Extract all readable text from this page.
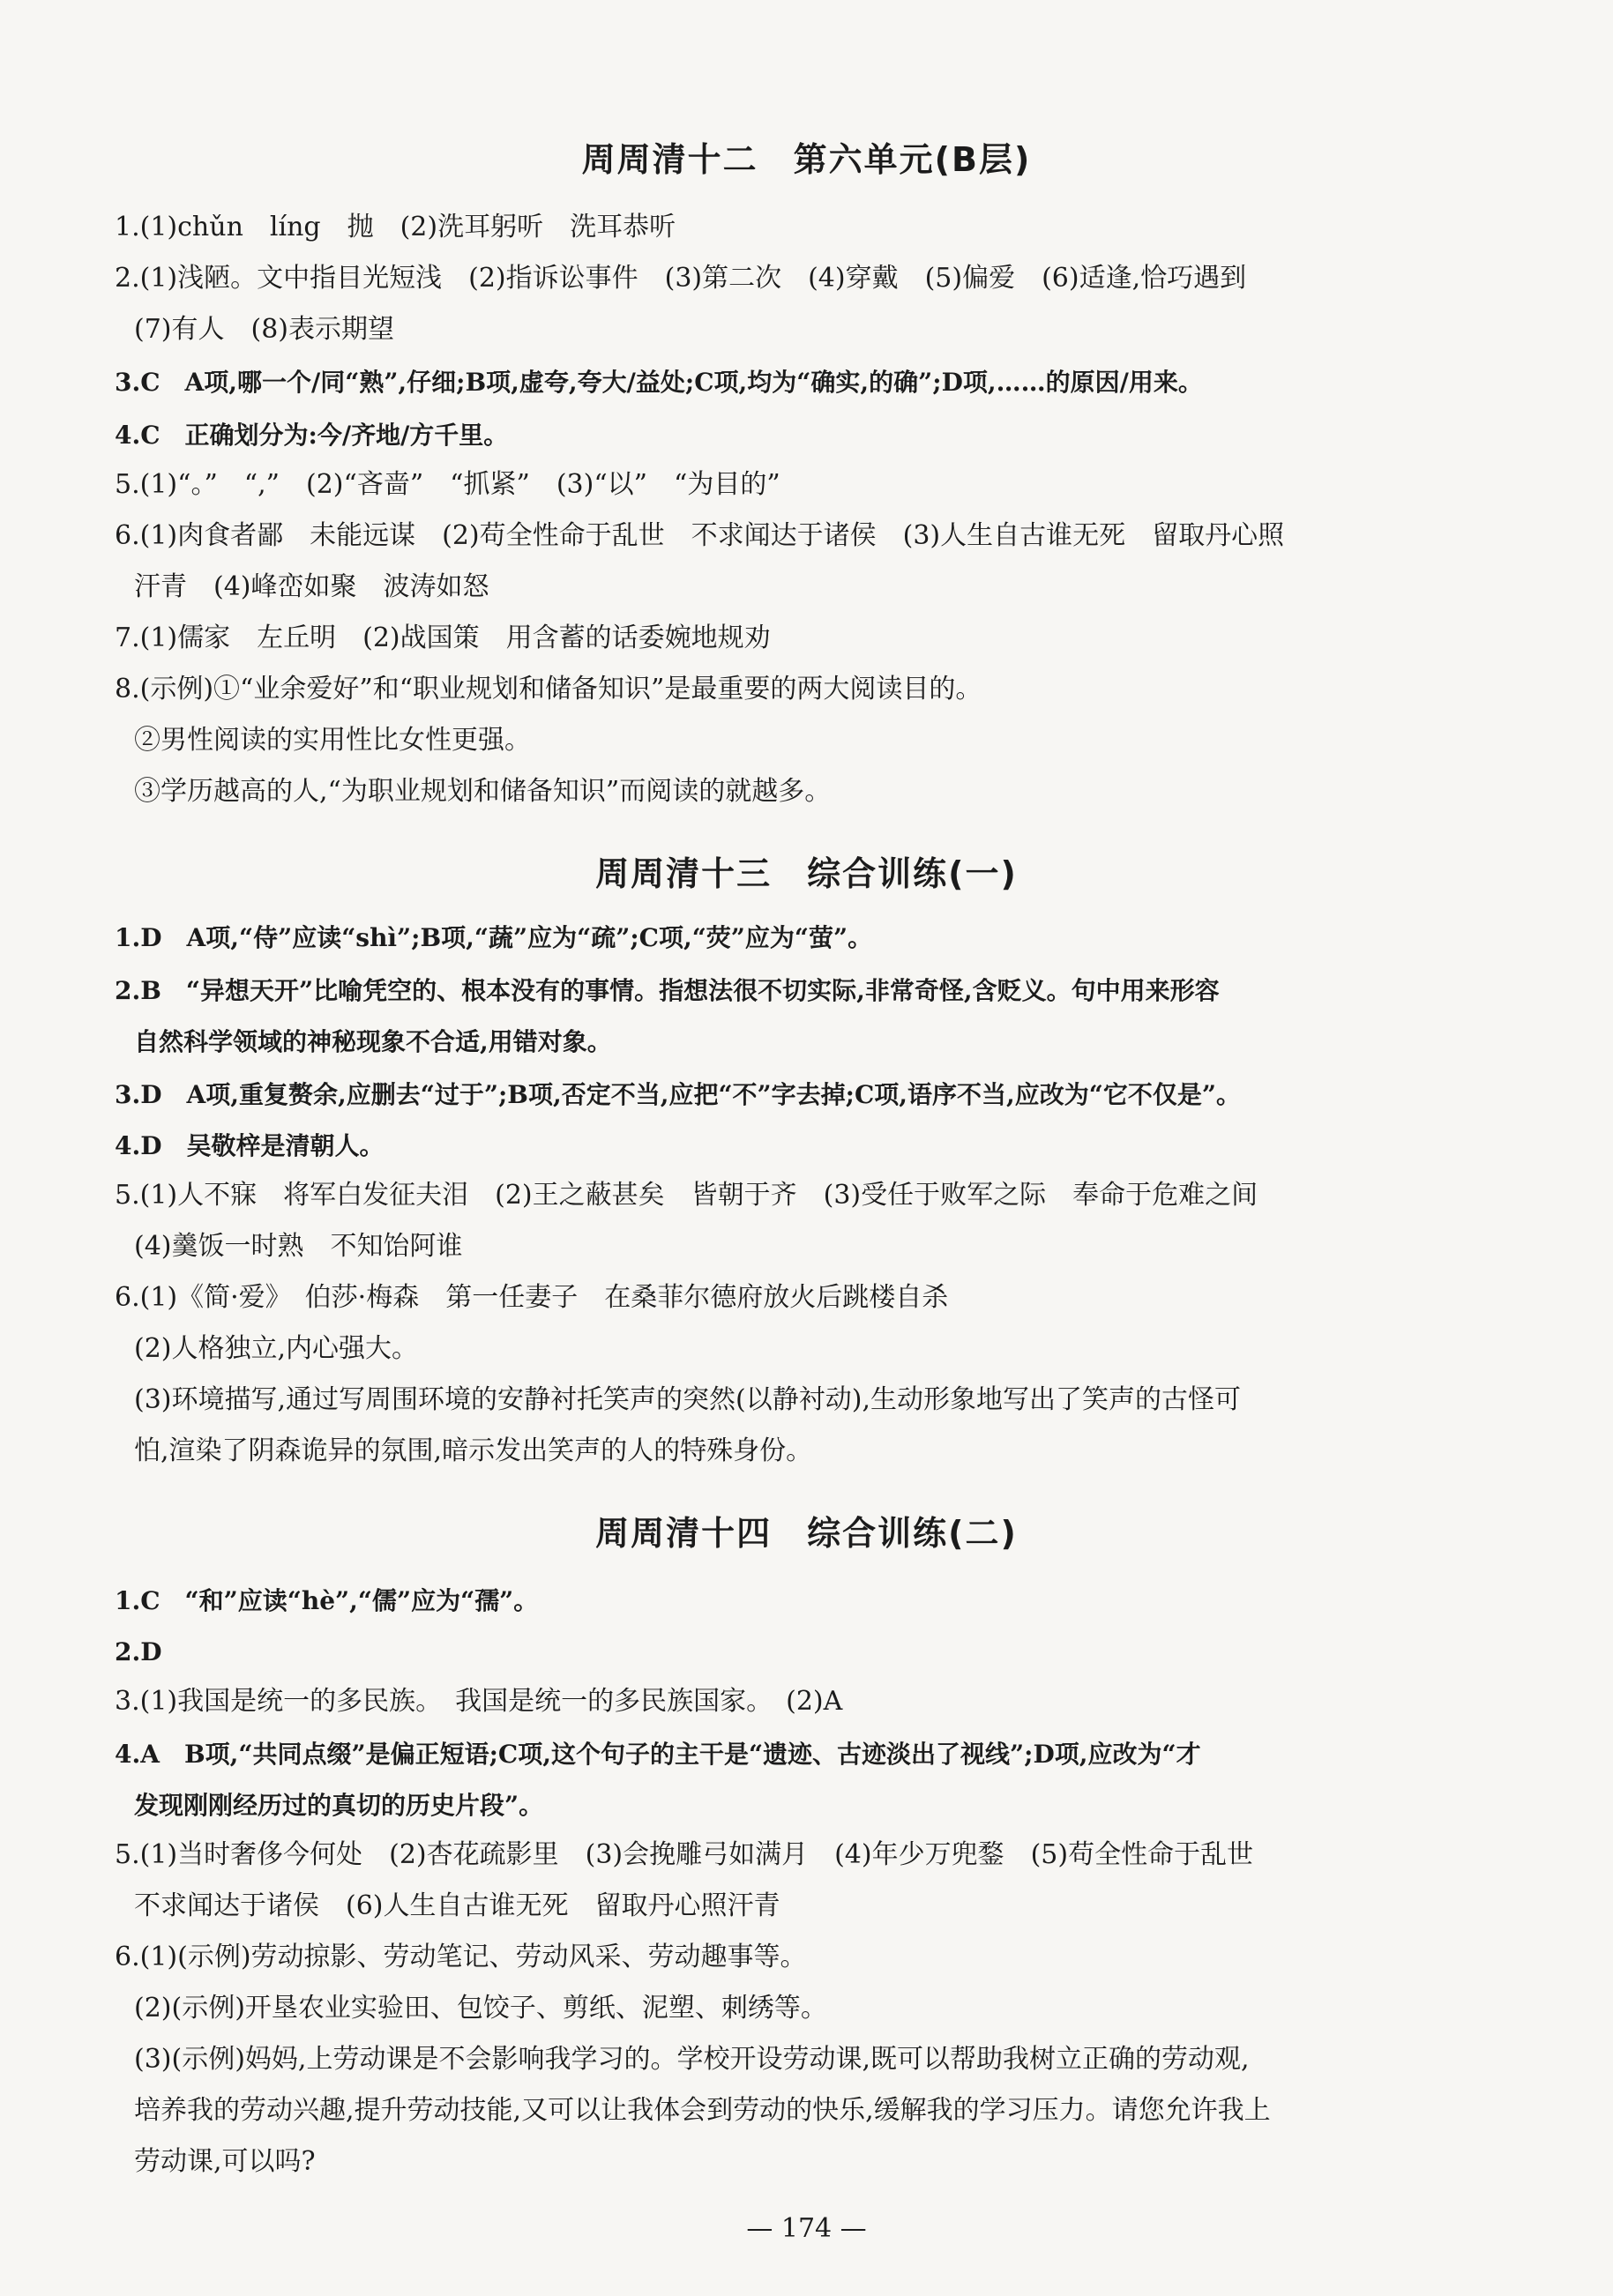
周周清十二　第六单元(B层)
1.(1)chǔn　líng　抛　(2)洗耳躬听　洗耳恭听
2.(1)浅陋。文中指目光短浅　(2)指诉讼事件　(3)第二次　(4)穿戴　(5)偏爱　(6)适逢,恰巧遇到
(7)有人　(8)表示期望
3.C　A项,哪一个/同“熟”,仔细;B项,虚夸,夸大/益处;C项,均为“确实,的确”;D项,……的原因/用来。
4.C　正确划分为:今/齐地/方千里。
5.(1)“。”　“,”　(2)“吝啬”　“抓紧”　(3)“以”　“为目的”
6.(1)肉食者鄙　未能远谋　(2)苟全性命于乱世　不求闻达于诸侯　(3)人生自古谁无死　留取丹心照
汗青　(4)峰峦如聚　波涛如怒
7.(1)儒家　左丘明　(2)战国策　用含蓄的话委婉地规劝
8.(示例)①“业余爱好”和“职业规划和储备知识”是最重要的两大阅读目的。
②男性阅读的实用性比女性更强。
③学历越高的人,“为职业规划和储备知识”而阅读的就越多。
周周清十三　综合训练(一)
1.D　A项,“侍”应读“shì”;B项,“蔬”应为“疏”;C项,“荧”应为“萤”。
2.B　“异想天开”比喻凭空的、根本没有的事情。指想法很不切实际,非常奇怪,含贬义。句中用来形容
自然科学领域的神秘现象不合适,用错对象。
3.D　A项,重复赘余,应删去“过于”;B项,否定不当,应把“不”字去掉;C项,语序不当,应改为“它不仅是”。
4.D　吴敬梓是清朝人。
5.(1)人不寐　将军白发征夫泪　(2)王之蔽甚矣　皆朝于齐　(3)受任于败军之际　奉命于危难之间
(4)羹饭一时熟　不知饴阿谁
6.(1)《简·爱》　伯莎·梅森　第一任妻子　在桑菲尔德府放火后跳楼自杀
(2)人格独立,内心强大。
(3)环境描写,通过写周围环境的安静衬托笑声的突然(以静衬动),生动形象地写出了笑声的古怪可
怕,渲染了阴森诡异的氛围,暗示发出笑声的人的特殊身份。
周周清十四　综合训练(二)
1.C　“和”应读“hè”,“儒”应为“孺”。
2.D
3.(1)我国是统一的多民族。　我国是统一的多民族国家。　(2)A
4.A　B项,“共同点缀”是偏正短语;C项,这个句子的主干是“遗迹、古迹淡出了视线”;D项,应改为“才
发现刚刚经历过的真切的历史片段”。
5.(1)当时奢侈今何处　(2)杏花疏影里　(3)会挽雕弓如满月　(4)年少万兜鍪　(5)苟全性命于乱世
不求闻达于诸侯　(6)人生自古谁无死　留取丹心照汗青
6.(1)(示例)劳动掠影、劳动笔记、劳动风采、劳动趣事等。
(2)(示例)开垦农业实验田、包饺子、剪纸、泥塑、刺绣等。
(3)(示例)妈妈,上劳动课是不会影响我学习的。学校开设劳动课,既可以帮助我树立正确的劳动观,
培养我的劳动兴趣,提升劳动技能,又可以让我体会到劳动的快乐,缓解我的学习压力。请您允许我上
劳动课,可以吗?
— 174 —
